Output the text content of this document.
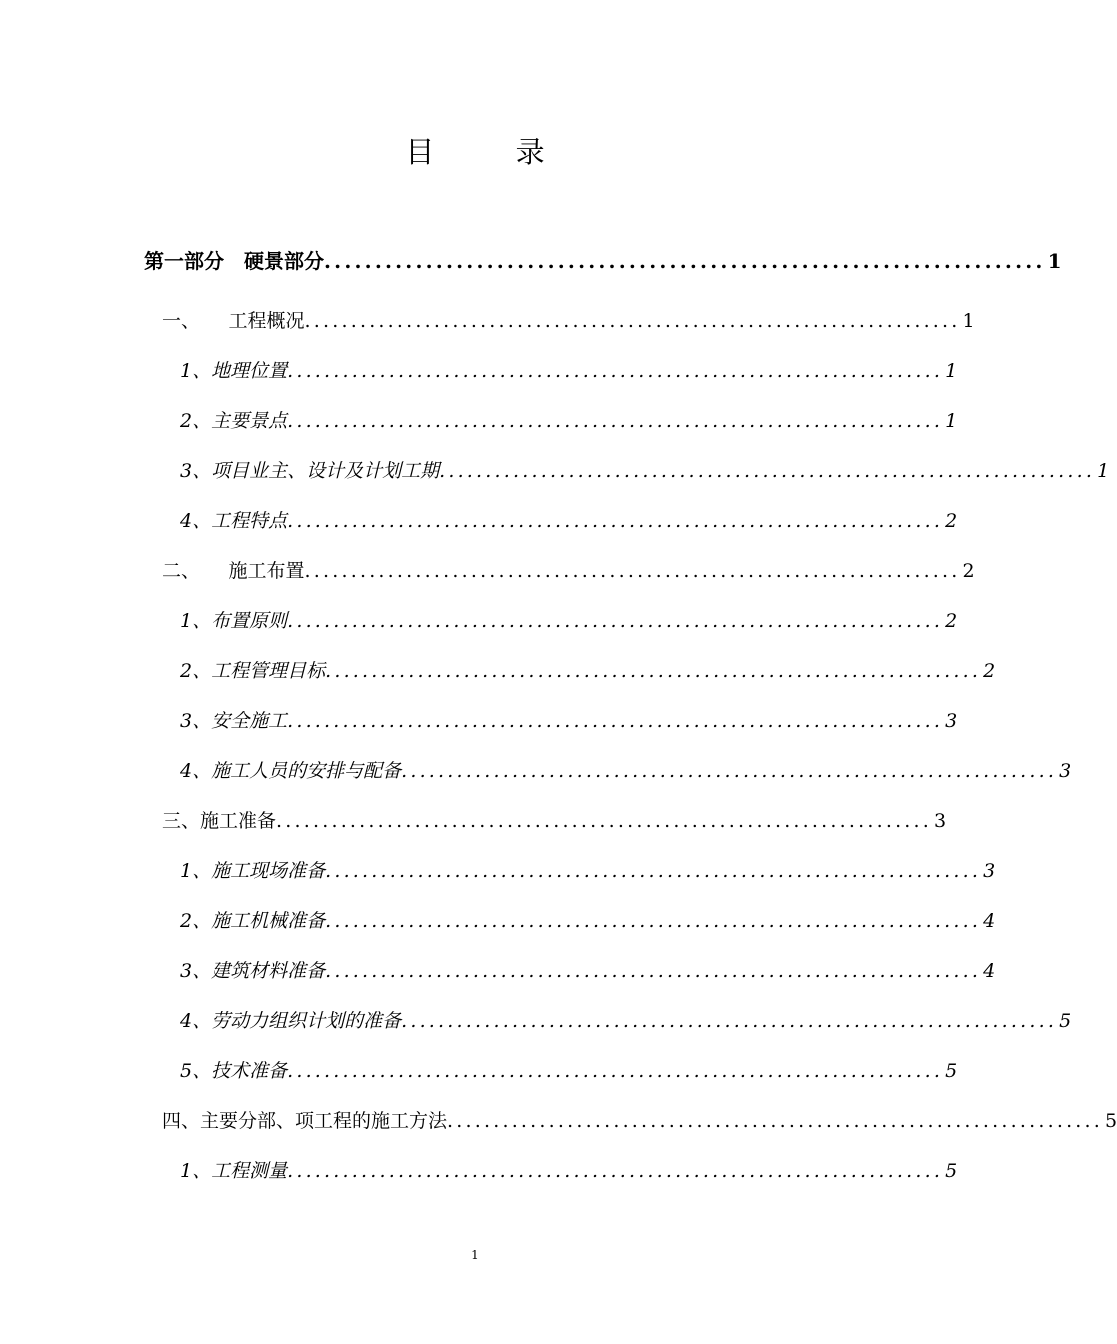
目 录
第一部分　硬景部分 ....................................................................... 1
一、　　工程概况 ....................................................................... 1
1、地理位置 ....................................................................... 1
2、主要景点 ....................................................................... 1
3、项目业主、设计及计划工期 ....................................................................... 1
4、工程特点 ....................................................................... 2
二、　　施工布置 ....................................................................... 2
1、布置原则 ....................................................................... 2
2、工程管理目标 ....................................................................... 2
3、安全施工 ....................................................................... 3
4、施工人员的安排与配备 ....................................................................... 3
三、施工准备 ....................................................................... 3
1、施工现场准备 ....................................................................... 3
2、施工机械准备 ....................................................................... 4
3、建筑材料准备 ....................................................................... 4
4、劳动力组织计划的准备 ....................................................................... 5
5、技术准备 ....................................................................... 5
四、主要分部、项工程的施工方法 ....................................................................... 5
1、工程测量 ....................................................................... 5
1
